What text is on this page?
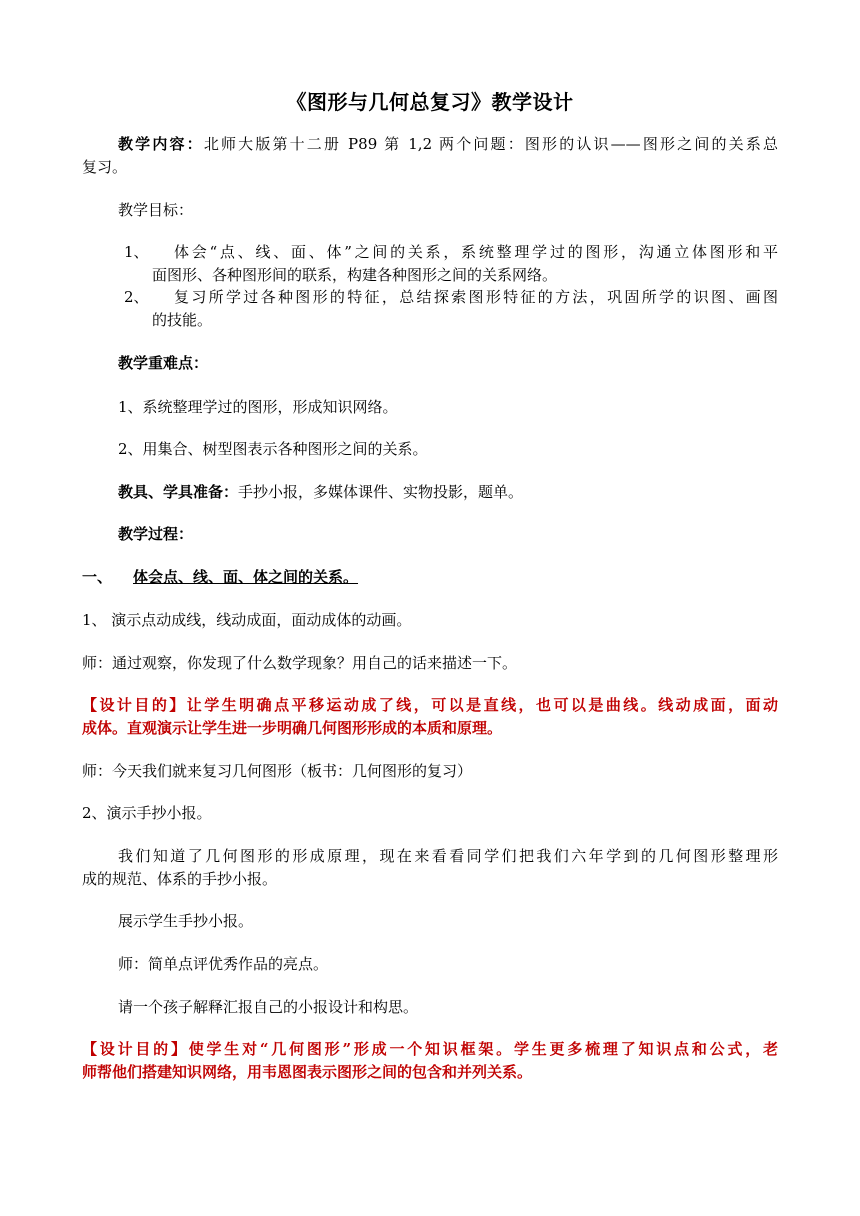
《图形与几何总复习》教学设计
教学内容：北师大版第十二册 P89 第 1,2 两个问题：图形的认识——图形之间的关系总
复习。
教学目标：
1、 体会“点、线、面、体”之间的关系，系统整理学过的图形，沟通立体图形和平
面图形、各种图形间的联系，构建各种图形之间的关系网络。
2、 复习所学过各种图形的特征，总结探索图形特征的方法，巩固所学的识图、画图
的技能。
教学重难点：
1、系统整理学过的图形，形成知识网络。
2、用集合、树型图表示各种图形之间的关系。
教具、学具准备：手抄小报，多媒体课件、实物投影，题单。
教学过程：
一、 体会点、线、面、体之间的关系。
1、 演示点动成线，线动成面，面动成体的动画。
师：通过观察，你发现了什么数学现象？用自己的话来描述一下。
【设计目的】让学生明确点平移运动成了线，可以是直线，也可以是曲线。线动成面，面动
成体。直观演示让学生进一步明确几何图形形成的本质和原理。
师：今天我们就来复习几何图形（板书：几何图形的复习）
2、演示手抄小报。
我们知道了几何图形的形成原理，现在来看看同学们把我们六年学到的几何图形整理形
成的规范、体系的手抄小报。
展示学生手抄小报。
师：简单点评优秀作品的亮点。
请一个孩子解释汇报自己的小报设计和构思。
【设计目的】使学生对“几何图形”形成一个知识框架。学生更多梳理了知识点和公式，老
师帮他们搭建知识网络，用韦恩图表示图形之间的包含和并列关系。
